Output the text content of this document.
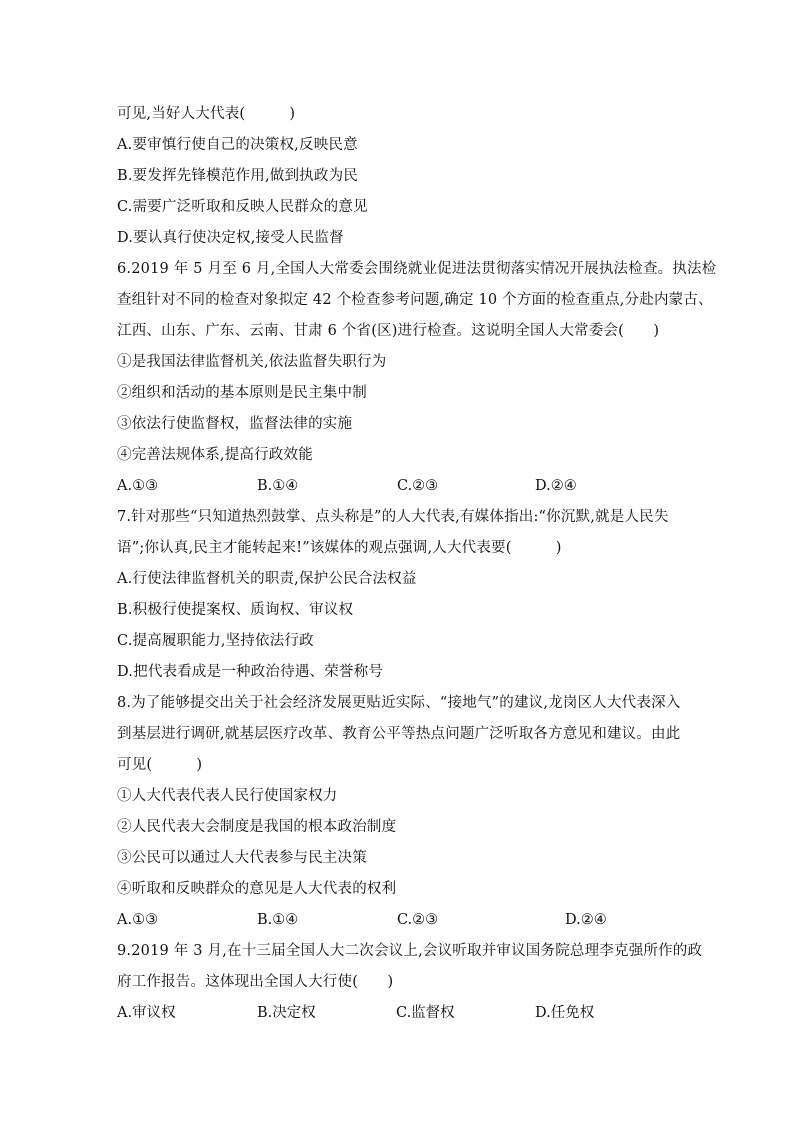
可见,当好人大代表(　　　)
A.要审慎行使自己的决策权,反映民意
B.要发挥先锋模范作用,做到执政为民
C.需要广泛听取和反映人民群众的意见
D.要认真行使决定权,接受人民监督
6.2019 年 5 月至 6 月,全国人大常委会围绕就业促进法贯彻落实情况开展执法检查。执法检
查组针对不同的检查对象拟定 42 个检查参考问题,确定 10 个方面的检查重点,分赴内蒙古、
江西、山东、广东、云南、甘肃 6 个省(区)进行检查。这说明全国人大常委会(　　)
①是我国法律监督机关,依法监督失职行为
②组织和活动的基本原则是民主集中制
③依法行使监督权，监督法律的实施
④完善法规体系,提高行政效能
A.①③	B.①④	C.②③	D.②④
7.针对那些“只知道热烈鼓掌、点头称是”的人大代表,有媒体指出:“你沉默,就是人民失
语”;你认真,民主才能转起来!”该媒体的观点强调,人大代表要(　　　)
A.行使法律监督机关的职责,保护公民合法权益
B.积极行使提案权、质询权、审议权
C.提高履职能力,坚持依法行政
D.把代表看成是一种政治待遇、荣誉称号
8.为了能够提交出关于社会经济发展更贴近实际、“接地气”的建议,龙岗区人大代表深入
到基层进行调研,就基层医疗改革、教育公平等热点问题广泛听取各方意见和建议。由此
可见(　　　)
①人大代表代表人民行使国家权力
②人民代表大会制度是我国的根本政治制度
③公民可以通过人大代表参与民主决策
④听取和反映群众的意见是人大代表的权利
A.①③	B.①④	C.②③	D.②④
9.2019 年 3 月,在十三届全国人大二次会议上,会议听取并审议国务院总理李克强所作的政
府工作报告。这体现出全国人大行使(　　)
A.审议权	B.决定权	C.监督权	D.任免权
